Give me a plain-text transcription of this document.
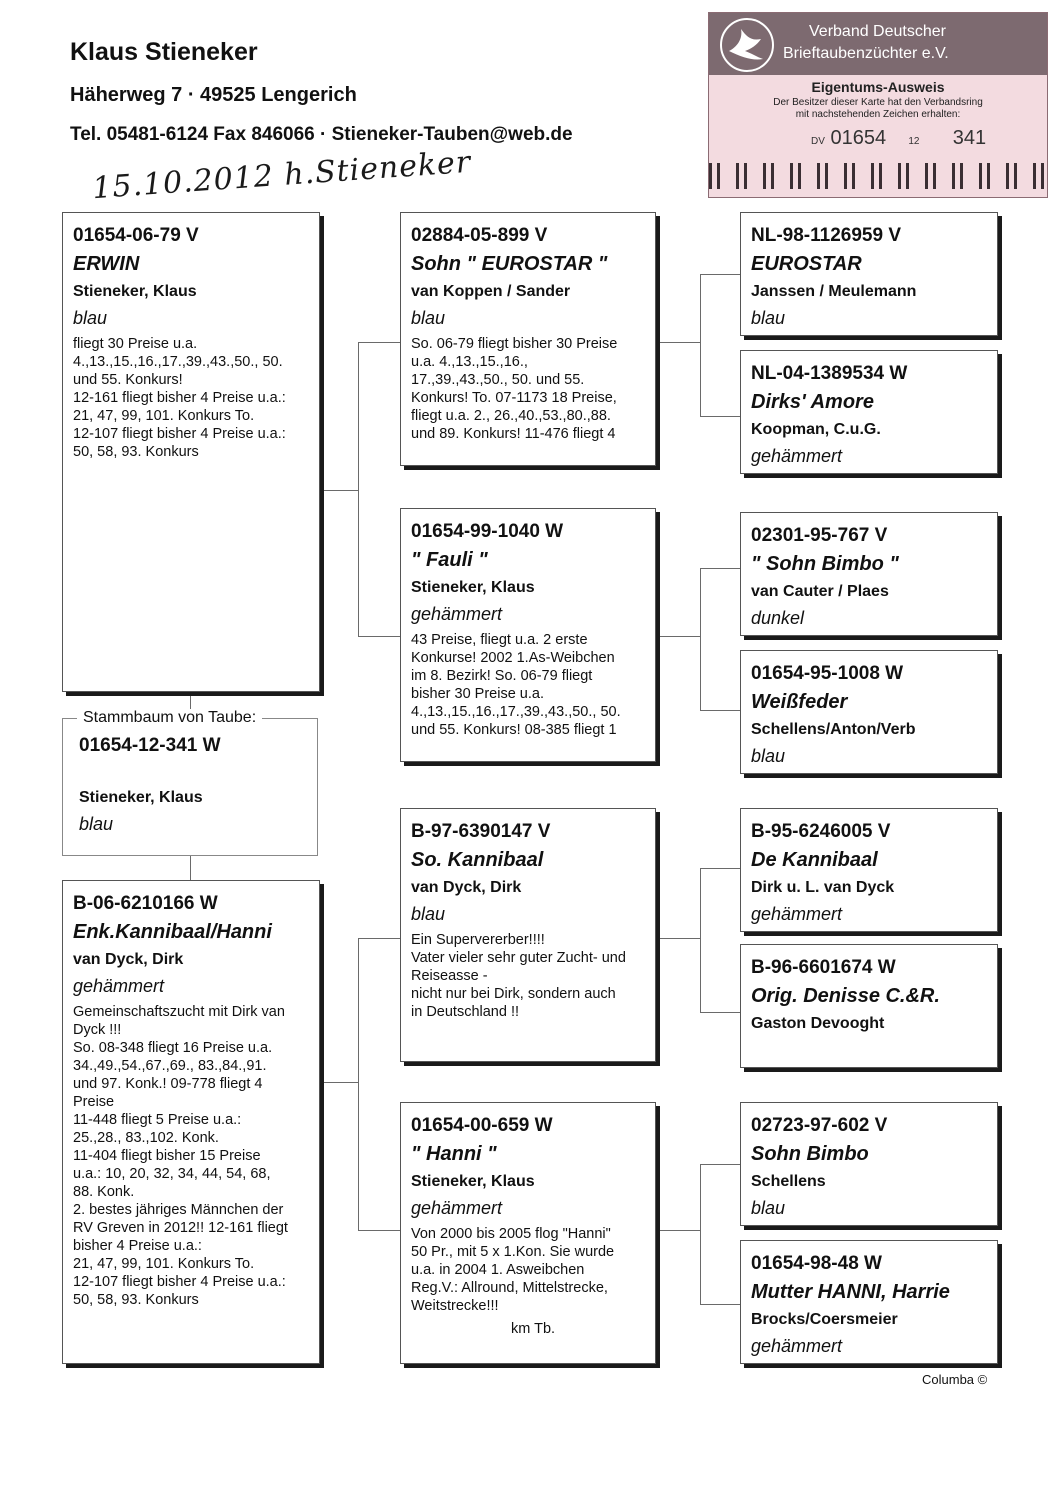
Klaus Stieneker
Häherweg 7 · 49525 Lengerich
Tel. 05481-6124 Fax 846066 · Stieneker-Tauben@web.de
15.10.2012 h.Stieneker
Verband Deutscher
Brieftaubenzüchter e.V.
Eigentums-Ausweis
Der Besitzer dieser Karte hat den Verbandsring
mit nachstehenden Zeichen erhalten:
DV 01654 12 341
01654-06-79 V
ERWIN
Stieneker, Klaus
blau
fliegt 30 Preise u.a.
4.,13.,15.,16.,17.,39.,43.,50., 50.
und 55. Konkurs!
12-161 fliegt bisher 4 Preise u.a.:
21, 47, 99, 101. Konkurs To.
12-107 fliegt bisher 4 Preise u.a.:
50, 58, 93. Konkurs
Stammbaum von Taube:
01654-12-341 W
Stieneker, Klaus
blau
B-06-6210166 W
Enk.Kannibaal/Hanni
van Dyck, Dirk
gehämmert
Gemeinschaftszucht mit Dirk van
Dyck !!!
So. 08-348 fliegt 16 Preise u.a.
34.,49.,54.,67.,69., 83.,84.,91.
und 97. Konk.! 09-778 fliegt 4
Preise
11-448 fliegt 5 Preise u.a.:
25.,28., 83.,102. Konk.
11-404 fliegt bisher 15 Preise
u.a.: 10, 20, 32, 34, 44, 54, 68,
88. Konk.
2. bestes jähriges Männchen der
RV Greven in 2012!! 12-161 fliegt
bisher 4 Preise u.a.:
21, 47, 99, 101. Konkurs To.
12-107 fliegt bisher 4 Preise u.a.:
50, 58, 93. Konkurs
02884-05-899 V
Sohn " EUROSTAR "
van Koppen / Sander
blau
So. 06-79 fliegt bisher 30 Preise
u.a. 4.,13.,15.,16.,
17.,39.,43.,50., 50. und 55.
Konkurs! To. 07-1173 18 Preise,
fliegt u.a. 2., 26.,40.,53.,80.,88.
und 89. Konkurs! 11-476 fliegt 4
01654-99-1040 W
" Fauli "
Stieneker, Klaus
gehämmert
43 Preise, fliegt u.a. 2 erste
Konkurse! 2002 1.As-Weibchen
im 8. Bezirk! So. 06-79 fliegt
bisher 30 Preise u.a.
4.,13.,15.,16.,17.,39.,43.,50., 50.
und 55. Konkurs! 08-385 fliegt 1
B-97-6390147 V
So. Kannibaal
van Dyck, Dirk
blau
Ein Supervererber!!!!
Vater vieler sehr guter Zucht- und
Reiseasse -
nicht nur bei Dirk, sondern auch
in Deutschland !!
01654-00-659 W
" Hanni "
Stieneker, Klaus
gehämmert
Von 2000 bis 2005 flog "Hanni"
50 Pr., mit 5 x 1.Kon. Sie wurde
u.a. in 2004 1. Asweibchen
Reg.V.: Allround, Mittelstrecke,
Weitstrecke!!!
km Tb.
NL-98-1126959 V
EUROSTAR
Janssen / Meulemann
blau
NL-04-1389534 W
Dirks' Amore
Koopman, C.u.G.
gehämmert
02301-95-767 V
" Sohn Bimbo "
van Cauter / Plaes
dunkel
01654-95-1008 W
Weißfeder
Schellens/Anton/Verb
blau
B-95-6246005 V
De Kannibaal
Dirk u. L. van Dyck
gehämmert
B-96-6601674 W
Orig. Denisse C.&R.
Gaston Devooght
02723-97-602 V
Sohn Bimbo
Schellens
blau
01654-98-48 W
Mutter HANNI, Harrie
Brocks/Coersmeier
gehämmert
Columba ©
